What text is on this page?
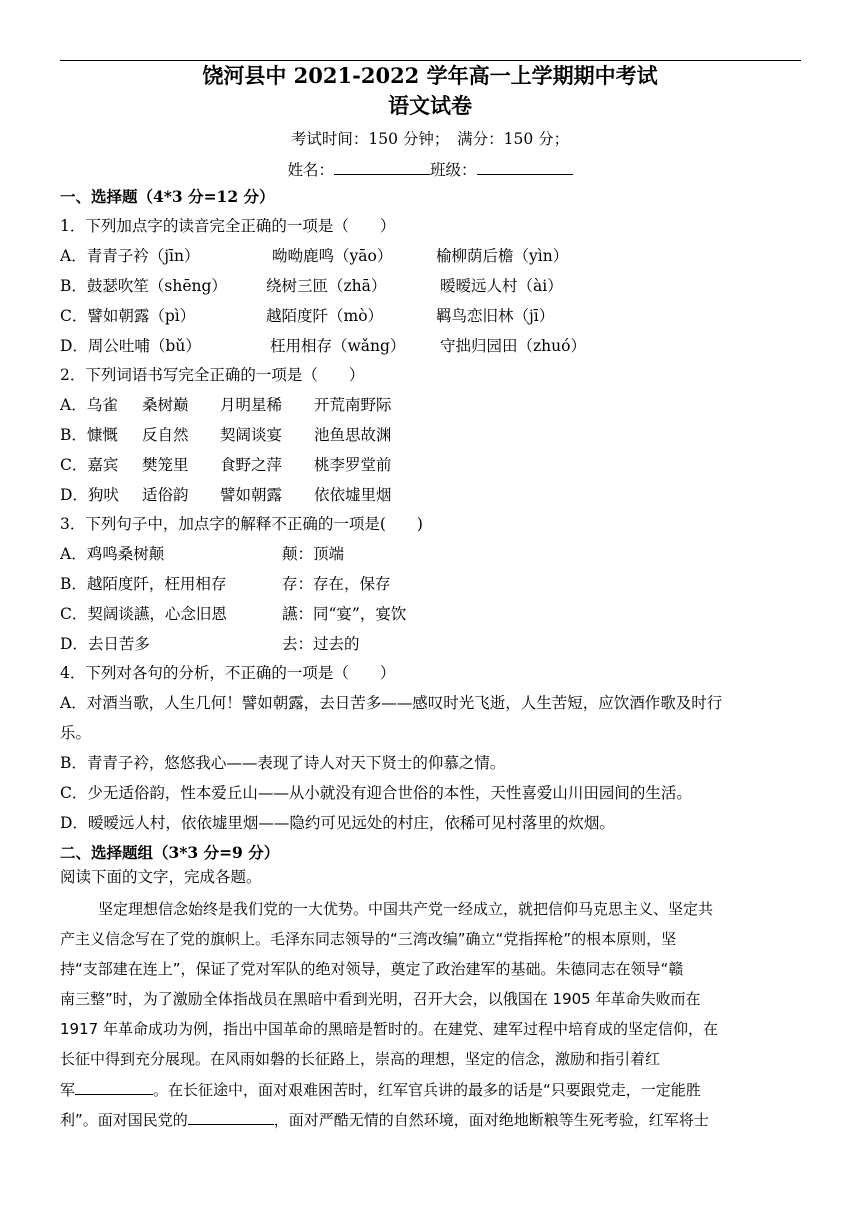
饶河县中 2021-2022 学年高一上学期期中考试
语文试卷
考试时间：150 分钟；　满分：150 分；
姓名：	班级：
一、选择题（4*3 分=12 分）
1．下列加点字的读音完全正确的一项是（　　）
A．青青子衿（jīn）	呦呦鹿鸣（yāo）	榆柳荫后檐（yìn）
B．鼓瑟吹笙（shēng）	绕树三匝（zhā）	暧暧远人村（ài）
C．譬如朝露（pì）	越陌度阡（mò）	羁鸟恋旧林（jī）
D．周公吐哺（bǔ）	枉用相存（wǎng） 守拙归园田（zhuó）
2．下列词语书写完全正确的一项是（　　）
A．乌雀 桑树巅 月明星稀 开荒南野际
B．慷慨 反自然 契阔谈宴 池鱼思故渊
C．嘉宾 樊笼里 食野之萍 桃李罗堂前
D．狗吠 适俗韵 譬如朝露 依依墟里烟
3．下列句子中，加点字的解释不正确的一项是(　　)
A．鸡鸣桑树颠	颠：顶端
B．越陌度阡，枉用相存	存：存在，保存
C．契阔谈讌，心念旧恩	讌：同“宴”，宴饮
D．去日苦多	去：过去的
4．下列对各句的分析，不正确的一项是（　　）
A．对酒当歌，人生几何！譬如朝露，去日苦多——感叹时光飞逝，人生苦短，应饮酒作歌及时行
乐。
B．青青子衿，悠悠我心——表现了诗人对天下贤士的仰慕之情。
C．少无适俗韵，性本爱丘山——从小就没有迎合世俗的本性，天性喜爱山川田园间的生活。
D．暧暧远人村，依依墟里烟——隐约可见远处的村庄，依稀可见村落里的炊烟。
二、选择题组（3*3 分=9 分）
阅读下面的文字，完成各题。
坚定理想信念始终是我们党的一大优势。中国共产党一经成立，就把信仰马克思主义、坚定共
产主义信念写在了党的旗帜上。毛泽东同志领导的“三湾改编”确立“党指挥枪”的根本原则，坚
持“支部建在连上”，保证了党对军队的绝对领导，奠定了政治建军的基础。朱德同志在领导“赣
南三整”时，为了激励全体指战员在黑暗中看到光明，召开大会，以俄国在 1905 年革命失败而在
1917 年革命成功为例，指出中国革命的黑暗是暂时的。在建党、建军过程中培育成的坚定信仰，在
长征中得到充分展现。在风雨如磐的长征路上，崇高的理想，坚定的信念，激励和指引着红
军	。在长征途中，面对艰难困苦时，红军官兵讲的最多的话是“只要跟党走，一定能胜
利”。面对国民党的	，面对严酷无情的自然环境，面对绝地断粮等生死考验，红军将士
